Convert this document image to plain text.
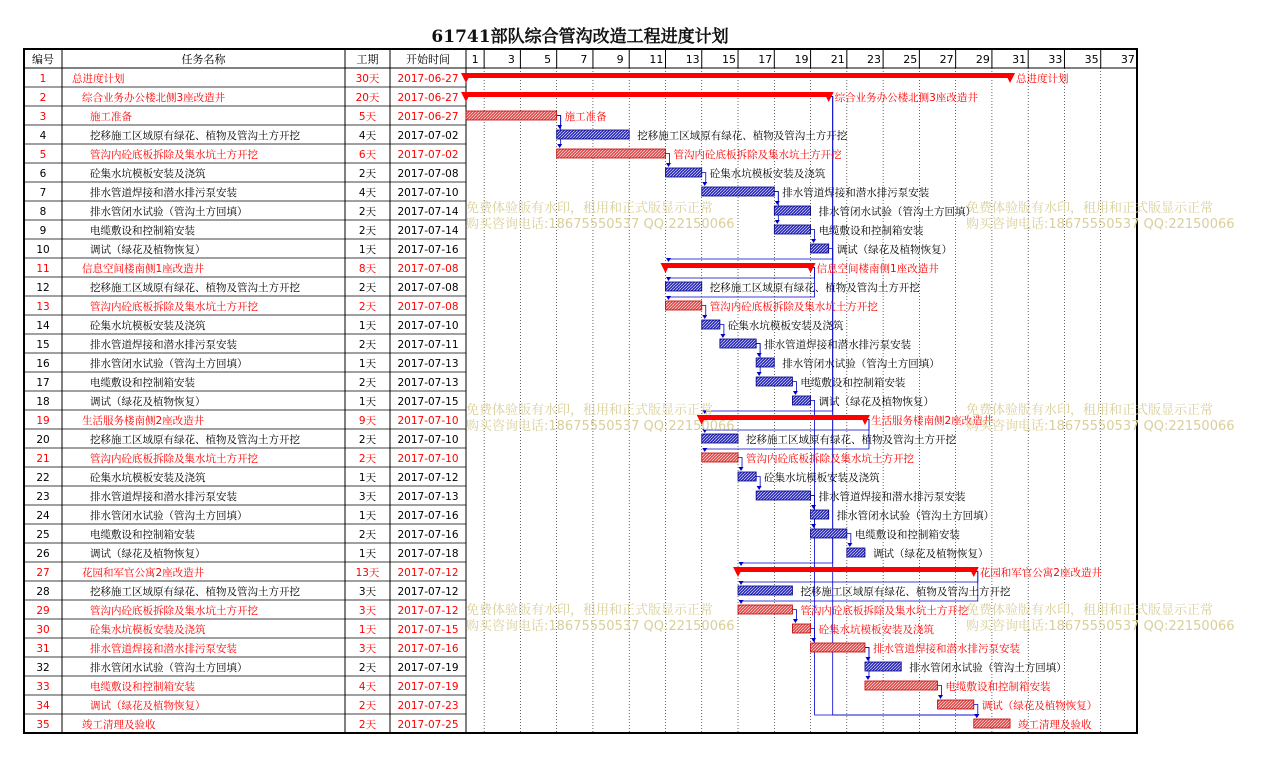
61741部队综合管沟改造工程进度计划
编号	任务名称	工期	开始时间 1	3	5	7	9 11 13 15 17 19 21 23 25 27 29 31 33 35 37
1 总进度计划	30天 2017-06-27
2	综合业务办公楼北侧3座改造井	20天 2017-06-27
3	施工准备	5天 2017-06-27
4	挖移施工区域原有绿花、植物及管沟土方开挖	4天 2017-07-02
5	管沟内砼底板拆除及集水坑土方开挖	6天 2017-07-02
6	砼集水坑模板安装及浇筑	2天 2017-07-08
7	排水管道焊接和潜水排污泵安装	4天 2017-07-10
8	排水管闭水试验（管沟土方回填）	2天 2017-07-14
9	电缆敷设和控制箱安装	2天 2017-07-14
10	调试（绿花及植物恢复）	1天 2017-07-16
11	信息空间楼南侧1座改造井	8天 2017-07-08
12	挖移施工区域原有绿花、植物及管沟土方开挖	2天 2017-07-08
13	管沟内砼底板拆除及集水坑土方开挖	2天 2017-07-08
14	砼集水坑模板安装及浇筑	1天 2017-07-10
15	排水管道焊接和潜水排污泵安装	2天 2017-07-11
16	排水管闭水试验（管沟土方回填）	1天 2017-07-13
17	电缆敷设和控制箱安装	2天 2017-07-13
18	调试（绿花及植物恢复）	1天 2017-07-15
19	生活服务楼南侧2座改造井	9天 2017-07-10
20	挖移施工区域原有绿花、植物及管沟土方开挖	2天 2017-07-10
21	管沟内砼底板拆除及集水坑土方开挖	2天 2017-07-10
22	砼集水坑模板安装及浇筑	1天 2017-07-12
23	排水管道焊接和潜水排污泵安装	3天 2017-07-13
24	排水管闭水试验（管沟土方回填）	1天 2017-07-16
25	电缆敷设和控制箱安装	2天 2017-07-16
26	调试（绿花及植物恢复）	1天 2017-07-18
27	花园和军官公寓2座改造井	13天 2017-07-12
28	挖移施工区域原有绿花、植物及管沟土方开挖	3天 2017-07-12
29	管沟内砼底板拆除及集水坑土方开挖	3天 2017-07-12
30	砼集水坑模板安装及浇筑	1天 2017-07-15
31	排水管道焊接和潜水排污泵安装	3天 2017-07-16
32	排水管闭水试验（管沟土方回填）	2天 2017-07-19
33	电缆敷设和控制箱安装	4天 2017-07-19
34	调试（绿花及植物恢复）	2天 2017-07-23
35	竣工清理及验收	2天 2017-07-25
总进度计划
综合业务办公楼北侧3座改造井
施工准备
挖移施工区域原有绿花、植物及管沟土方开挖
管沟内砼底板拆除及集水坑土方开挖
砼集水坑模板安装及浇筑
排水管道焊接和潜水排污泵安装
排水管闭水试验（管沟土方回填）
电缆敷设和控制箱安装
调试（绿花及植物恢复）
信息空间楼南侧1座改造井
挖移施工区域原有绿花、植物及管沟土方开挖
管沟内砼底板拆除及集水坑土方开挖
砼集水坑模板安装及浇筑
排水管道焊接和潜水排污泵安装
排水管闭水试验（管沟土方回填）
电缆敷设和控制箱安装
调试（绿花及植物恢复）
生活服务楼南侧2座改造井
挖移施工区域原有绿花、植物及管沟土方开挖
管沟内砼底板拆除及集水坑土方开挖
砼集水坑模板安装及浇筑
排水管道焊接和潜水排污泵安装
排水管闭水试验（管沟土方回填）
电缆敷设和控制箱安装
调试（绿花及植物恢复）
花园和军官公寓2座改造井
挖移施工区域原有绿花、植物及管沟土方开挖
管沟内砼底板拆除及集水坑土方开挖
砼集水坑模板安装及浇筑
排水管道焊接和潜水排污泵安装
排水管闭水试验（管沟土方回填）
电缆敷设和控制箱安装
调试（绿花及植物恢复）
竣工清理及验收
免费体验版有水印，租用和正式版显示正常
购买咨询电话:18675550537 QQ:22150066
免费体验版有水印，租用和正式版显示正常
购买咨询电话:18675550537 QQ:22150066
免费体验版有水印，租用和正式版显示正常
购买咨询电话:18675550537 QQ:22150066
免费体验版有水印，租用和正式版显示正常
购买咨询电话:18675550537 QQ:22150066
免费体验版有水印，租用和正式版显示正常
购买咨询电话:18675550537 QQ:22150066
免费体验版有水印，租用和正式版显示正常
购买咨询电话:18675550537 QQ:22150066
